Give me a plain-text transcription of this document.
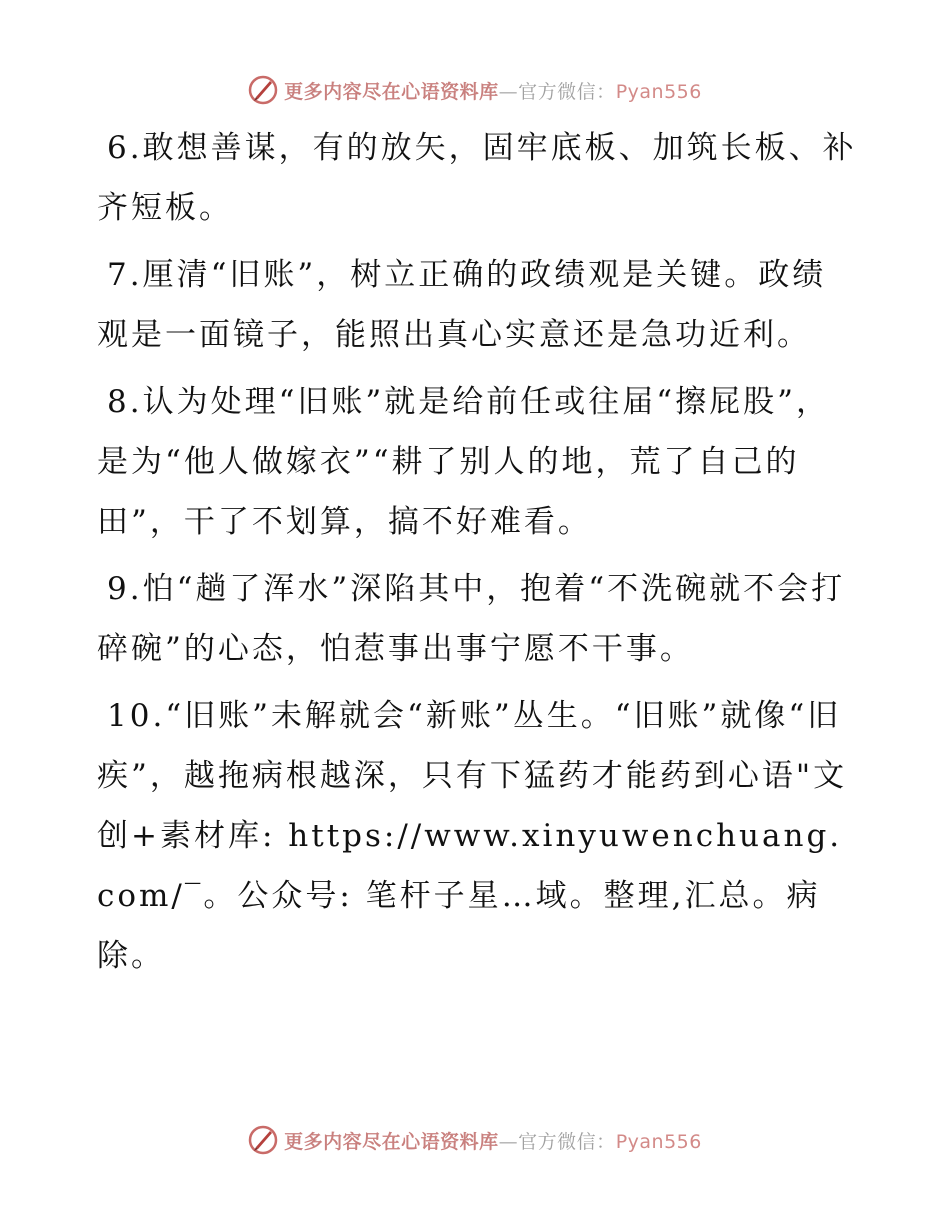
更多内容尽在心语资料库—官方微信：Pyan556

6.敢想善谋，有的放矢，固牢底板、加筑长板、补齐短板。

7.厘清“旧账”，树立正确的政绩观是关键。政绩观是一面镜子，能照出真心实意还是急功近利。

8.认为处理“旧账”就是给前任或往届“擦屁股”，是为“他人做嫁衣”“耕了别人的地，荒了自己的田”，干了不划算，搞不好难看。

9.怕“趟了浑水”深陷其中，抱着“不洗碗就不会打碎碗”的心态，怕惹事出事宁愿不干事。

10.“旧账”未解就会“新账”丛生。“旧账”就像“旧疾”，越拖病根越深，只有下猛药才能药到心语"文创+素材库: https://www.xinyuwenchuang.com/‾。公众号: 笔杆子星…域。整理,汇总。病除。

更多内容尽在心语资料库—官方微信：Pyan556
